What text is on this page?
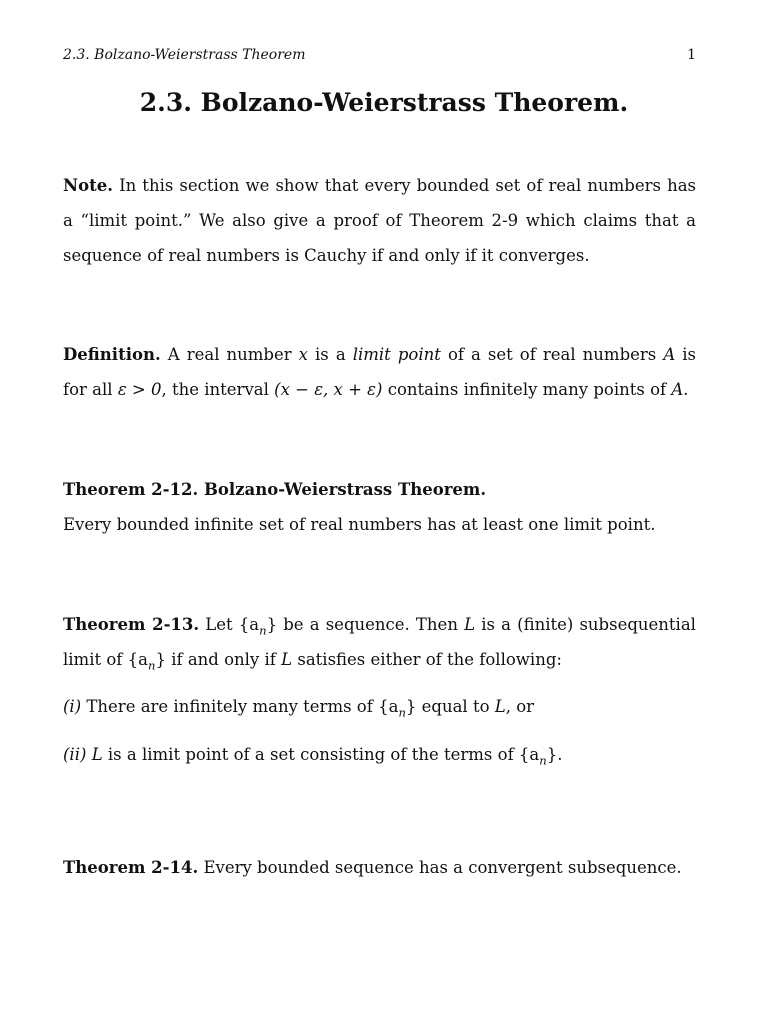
2.3. Bolzano-Weierstrass Theorem	1
2.3. Bolzano-Weierstrass Theorem.

Note. In this section we show that every bounded set of real numbers has a “limit point.” We also give a proof of Theorem 2-9 which claims that a sequence of real numbers is Cauchy if and only if it converges.

Definition. A real number x is a limit point of a set of real numbers A is for all ε > 0, the interval (x − ε, x + ε) contains infinitely many points of A.

Theorem 2-12. Bolzano-Weierstrass Theorem.

Every bounded infinite set of real numbers has at least one limit point.

Theorem 2-13. Let $\{a_n\}$ be a sequence. Then L is a (finite) subsequential limit of $\{a_n\}$ if and only if L satisfies either of the following:

(i) There are infinitely many terms of $\{a_n\}$ equal to L, or

(ii) L is a limit point of a set consisting of the terms of $\{a_n\}$.

Theorem 2-14. Every bounded sequence has a convergent subsequence.
